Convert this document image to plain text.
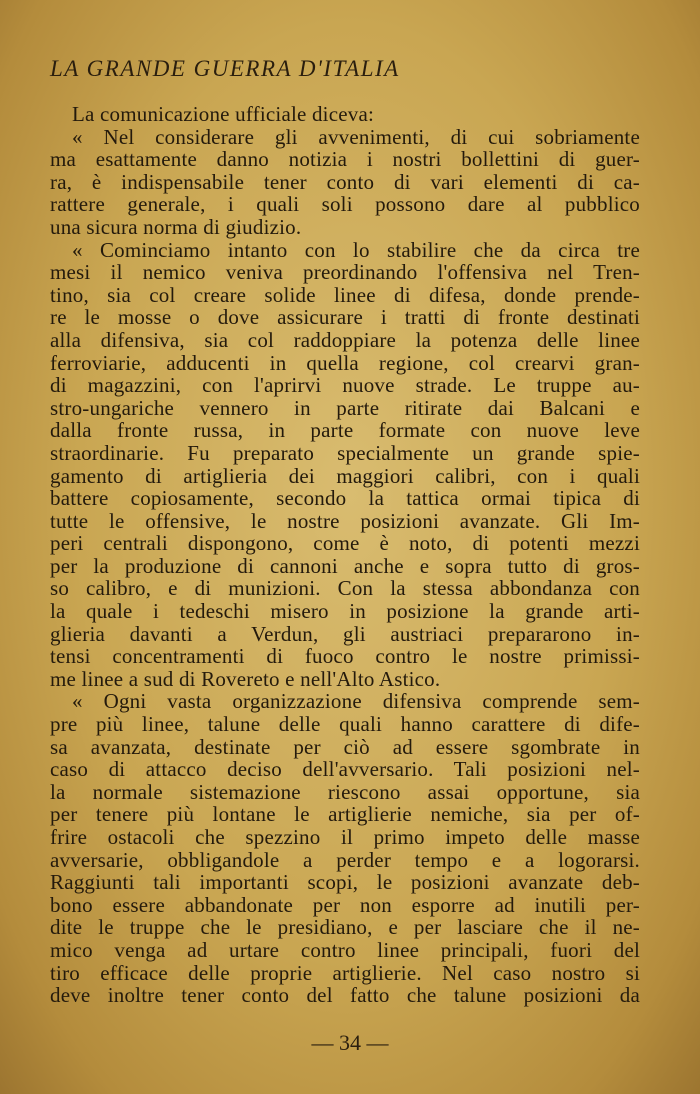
LA GRANDE GUERRA D'ITALIA
La comunicazione ufficiale diceva:
« Nel considerare gli avvenimenti, di cui sobriamente
ma esattamente danno notizia i nostri bollettini di guer-
ra, è indispensabile tener conto di vari elementi di ca-
rattere generale, i quali soli possono dare al pubblico
una sicura norma di giudizio.
« Cominciamo intanto con lo stabilire che da circa tre
mesi il nemico veniva preordinando l'offensiva nel Tren-
tino, sia col creare solide linee di difesa, donde prende-
re le mosse o dove assicurare i tratti di fronte destinati
alla difensiva, sia col raddoppiare la potenza delle linee
ferroviarie, adducenti in quella regione, col crearvi gran-
di magazzini, con l'aprirvi nuove strade. Le truppe au-
stro-ungariche vennero in parte ritirate dai Balcani e
dalla fronte russa, in parte formate con nuove leve
straordinarie. Fu preparato specialmente un grande spie-
gamento di artiglieria dei maggiori calibri, con i quali
battere copiosamente, secondo la tattica ormai tipica di
tutte le offensive, le nostre posizioni avanzate. Gli Im-
peri centrali dispongono, come è noto, di potenti mezzi
per la produzione di cannoni anche e sopra tutto di gros-
so calibro, e di munizioni. Con la stessa abbondanza con
la quale i tedeschi misero in posizione la grande arti-
glieria davanti a Verdun, gli austriaci prepararono in-
tensi concentramenti di fuoco contro le nostre primissi-
me linee a sud di Rovereto e nell'Alto Astico.
« Ogni vasta organizzazione difensiva comprende sem-
pre più linee, talune delle quali hanno carattere di dife-
sa avanzata, destinate per ciò ad essere sgombrate in
caso di attacco deciso dell'avversario. Tali posizioni nel-
la normale sistemazione riescono assai opportune, sia
per tenere più lontane le artiglierie nemiche, sia per of-
frire ostacoli che spezzino il primo impeto delle masse
avversarie, obbligandole a perder tempo e a logorarsi.
Raggiunti tali importanti scopi, le posizioni avanzate deb-
bono essere abbandonate per non esporre ad inutili per-
dite le truppe che le presidiano, e per lasciare che il ne-
mico venga ad urtare contro linee principali, fuori del
tiro efficace delle proprie artiglierie. Nel caso nostro si
deve inoltre tener conto del fatto che talune posizioni da
— 34 —
